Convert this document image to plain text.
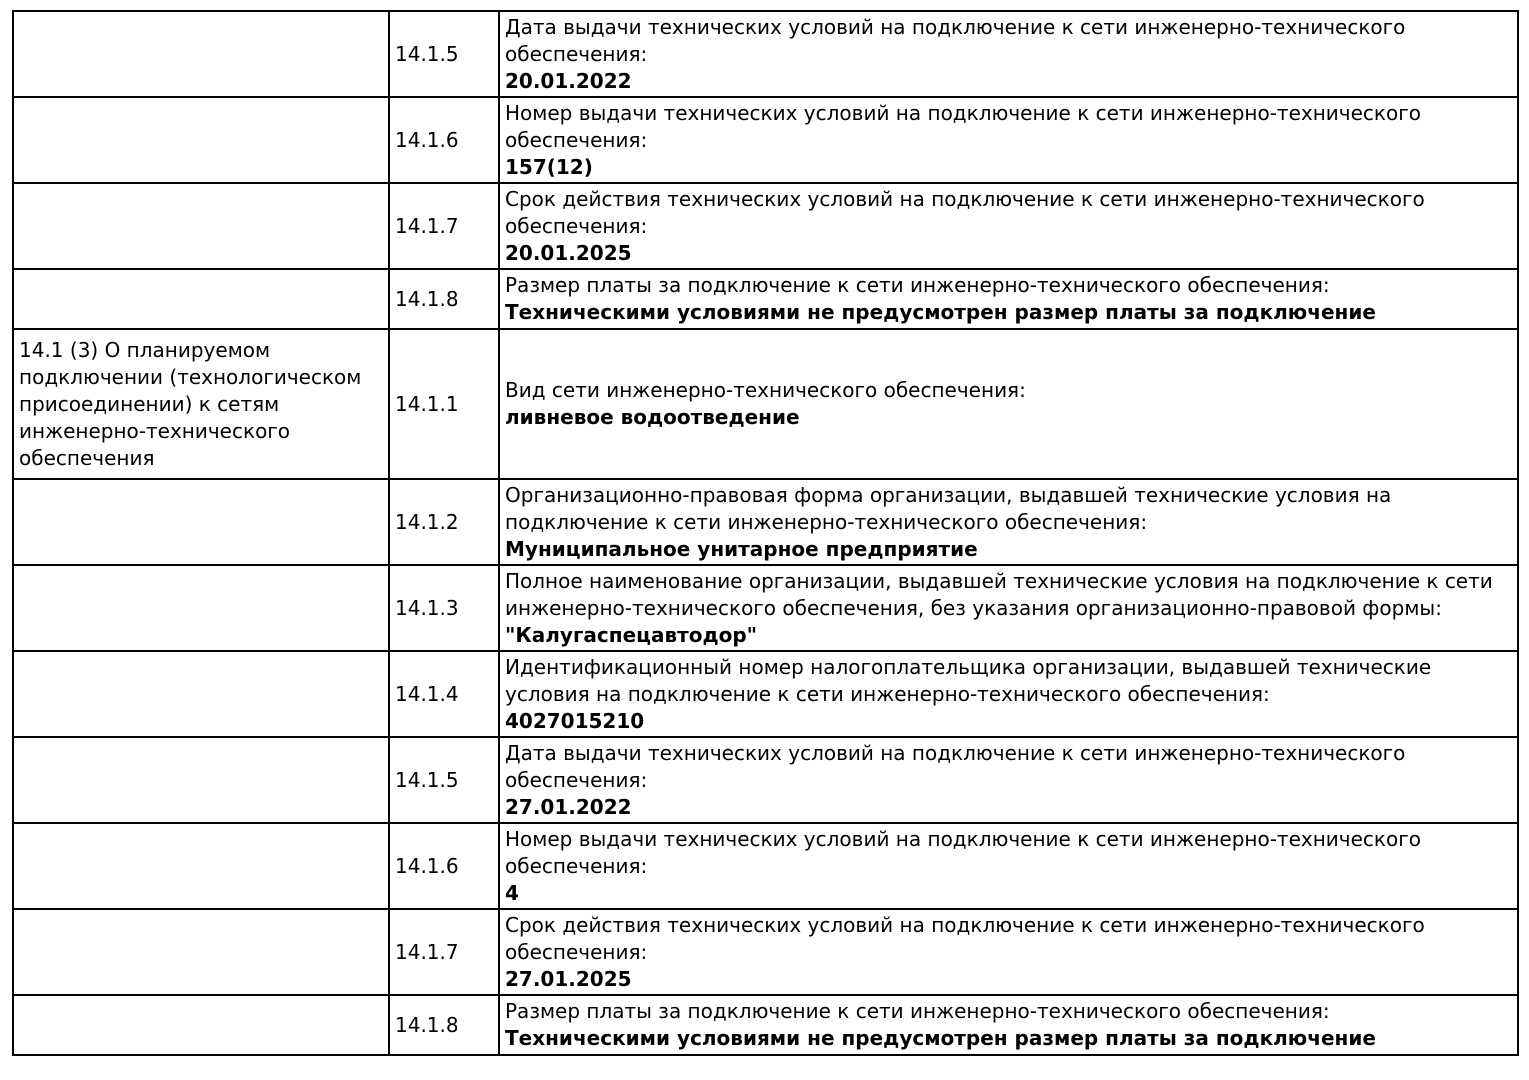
	14.1.5	Дата выдачи технических условий на подключение к сети инженерно-технического обеспечения:
20.01.2022

	14.1.6	Номер выдачи технических условий на подключение к сети инженерно-технического обеспечения:
157(12)

	14.1.7	Срок действия технических условий на подключение к сети инженерно-технического обеспечения:
20.01.2025

	14.1.8	Размер платы за подключение к сети инженерно-технического обеспечения:
Техническими условиями не предусмотрен размер платы за подключение

14.1 (3) О планируемом подключении (технологическом присоединении) к сетям инженерно-технического обеспечения	14.1.1	Вид сети инженерно-технического обеспечения:
ливневое водоотведение

	14.1.2	Организационно-правовая форма организации, выдавшей технические условия на подключение к сети инженерно-технического обеспечения:
Муниципальное унитарное предприятие

	14.1.3	Полное наименование организации, выдавшей технические условия на подключение к сети инженерно-технического обеспечения, без указания организационно-правовой формы:
"Калугаспецавтодор"

	14.1.4	Идентификационный номер налогоплательщика организации, выдавшей технические условия на подключение к сети инженерно-технического обеспечения:
4027015210

	14.1.5	Дата выдачи технических условий на подключение к сети инженерно-технического обеспечения:
27.01.2022

	14.1.6	Номер выдачи технических условий на подключение к сети инженерно-технического обеспечения:
4

	14.1.7	Срок действия технических условий на подключение к сети инженерно-технического обеспечения:
27.01.2025

	14.1.8	Размер платы за подключение к сети инженерно-технического обеспечения:
Техническими условиями не предусмотрен размер платы за подключение
